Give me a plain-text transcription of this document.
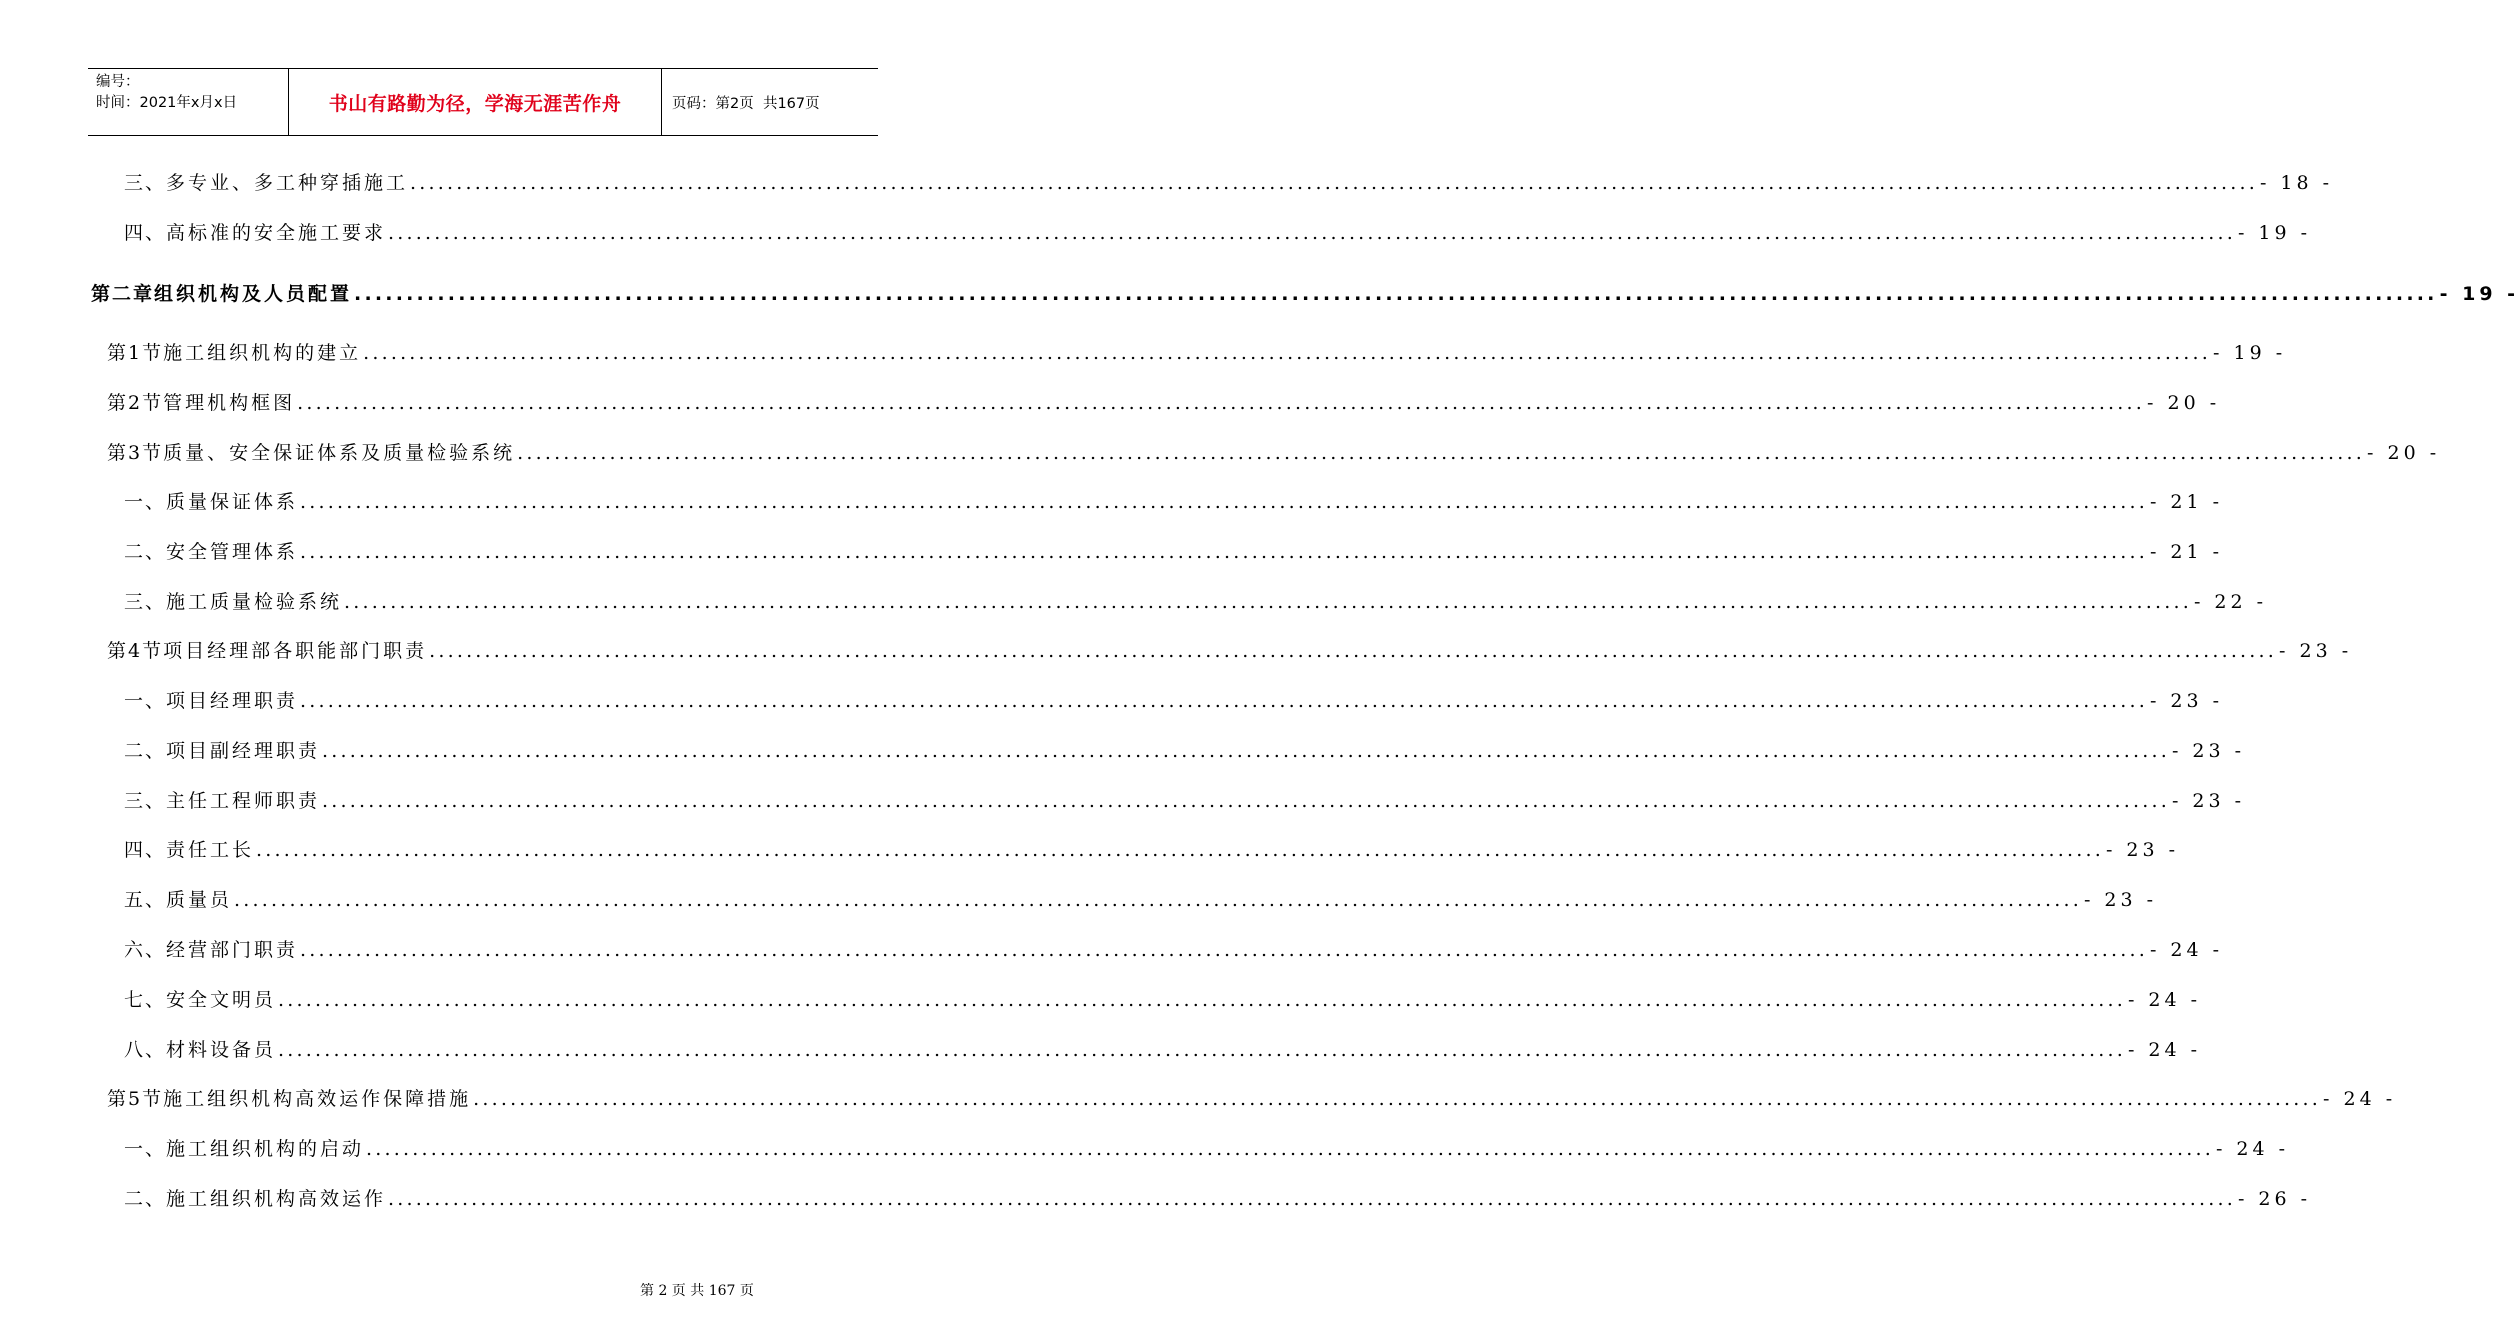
编号：
时间：2021年x月x日	书山有路勤为径，学海无涯苦作舟	页码：第2页  共167页
三、 多专业、多工种穿插施工 ........................................................................................................................................................................................................ - 18 -
四、 高标准的安全施工要求 ........................................................................................................................................................................................................ - 19 -
第二章 组织机构及人员配置 ........................................................................................................................................................................................................ - 19 -
第1节 施工组织机构的建立 ........................................................................................................................................................................................................ - 19 -
第2节 管理机构框图 ........................................................................................................................................................................................................ - 20 -
第3节 质量、安全保证体系及质量检验系统 ........................................................................................................................................................................................................ - 20 -
一、 质量保证体系 ........................................................................................................................................................................................................ - 21 -
二、 安全管理体系 ........................................................................................................................................................................................................ - 21 -
三、 施工质量检验系统 ........................................................................................................................................................................................................ - 22 -
第4节 项目经理部各职能部门职责 ........................................................................................................................................................................................................ - 23 -
一、 项目经理职责 ........................................................................................................................................................................................................ - 23 -
二、 项目副经理职责 ........................................................................................................................................................................................................ - 23 -
三、 主任工程师职责 ........................................................................................................................................................................................................ - 23 -
四、 责任工长 ........................................................................................................................................................................................................ - 23 -
五、 质量员 ........................................................................................................................................................................................................ - 23 -
六、 经营部门职责 ........................................................................................................................................................................................................ - 24 -
七、 安全文明员 ........................................................................................................................................................................................................ - 24 -
八、 材料设备员 ........................................................................................................................................................................................................ - 24 -
第5节 施工组织机构高效运作保障措施 ........................................................................................................................................................................................................ - 24 -
一、 施工组织机构的启动 ........................................................................................................................................................................................................ - 24 -
二、 施工组织机构高效运作 ........................................................................................................................................................................................................ - 26 -
第 2 页 共 167 页
